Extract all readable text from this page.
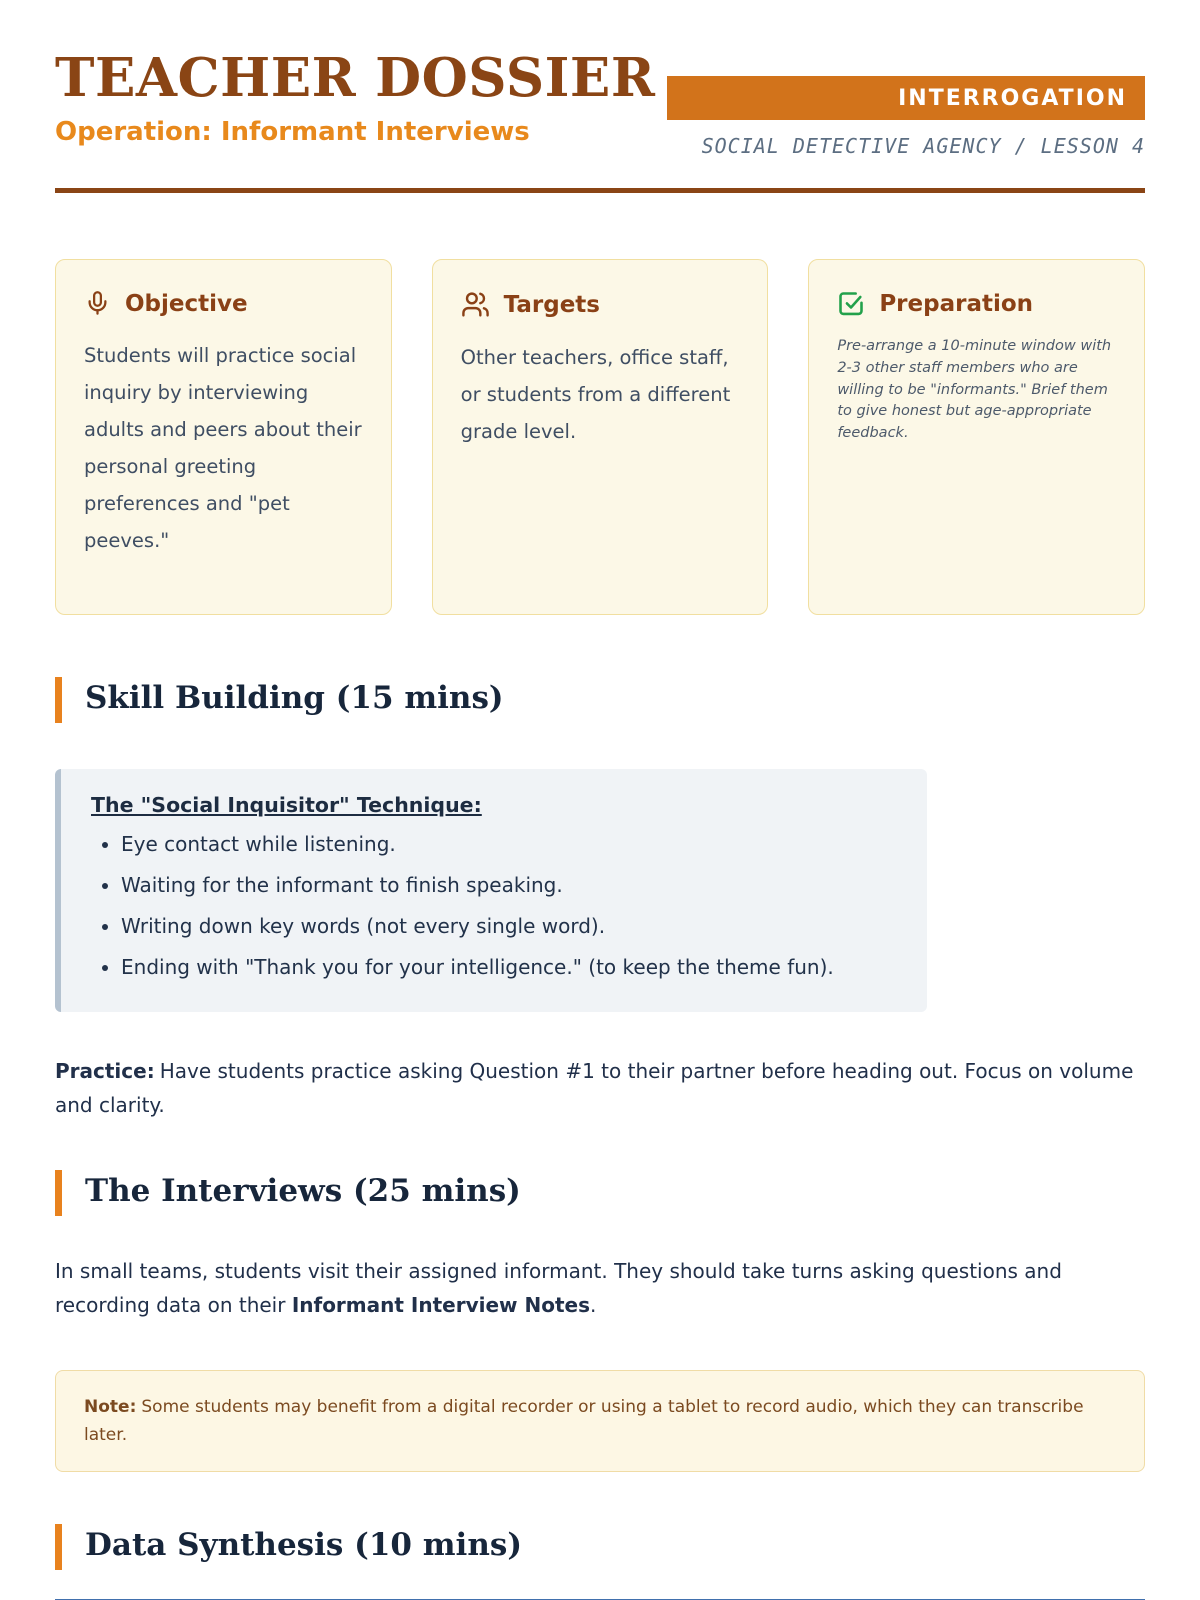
TEACHER DOSSIER
Operation: Informant Interviews
INTERROGATION
SOCIAL DETECTIVE AGENCY / LESSON 4
Objective
Students will practice social inquiry by interviewing adults and peers about their personal greeting preferences and "pet peeves."
Targets
Other teachers, office staff, or students from a different grade level.
Preparation
Pre-arrange a 10-minute window with 2-3 other staff members who are willing to be "informants." Brief them to give honest but age-appropriate feedback.
Skill Building (15 mins)
The "Social Inquisitor" Technique:
• Eye contact while listening.
• Waiting for the informant to finish speaking.
• Writing down key words (not every single word).
• Ending with "Thank you for your intelligence." (to keep the theme fun).

Practice: Have students practice asking Question #1 to their partner before heading out. Focus on volume and clarity.

The Interviews (25 mins)

In small teams, students visit their assigned informant. They should take turns asking questions and recording data on their Informant Interview Notes.

Note: Some students may benefit from a digital recorder or using a tablet to record audio, which they can transcribe later.
Data Synthesis (10 mins)
